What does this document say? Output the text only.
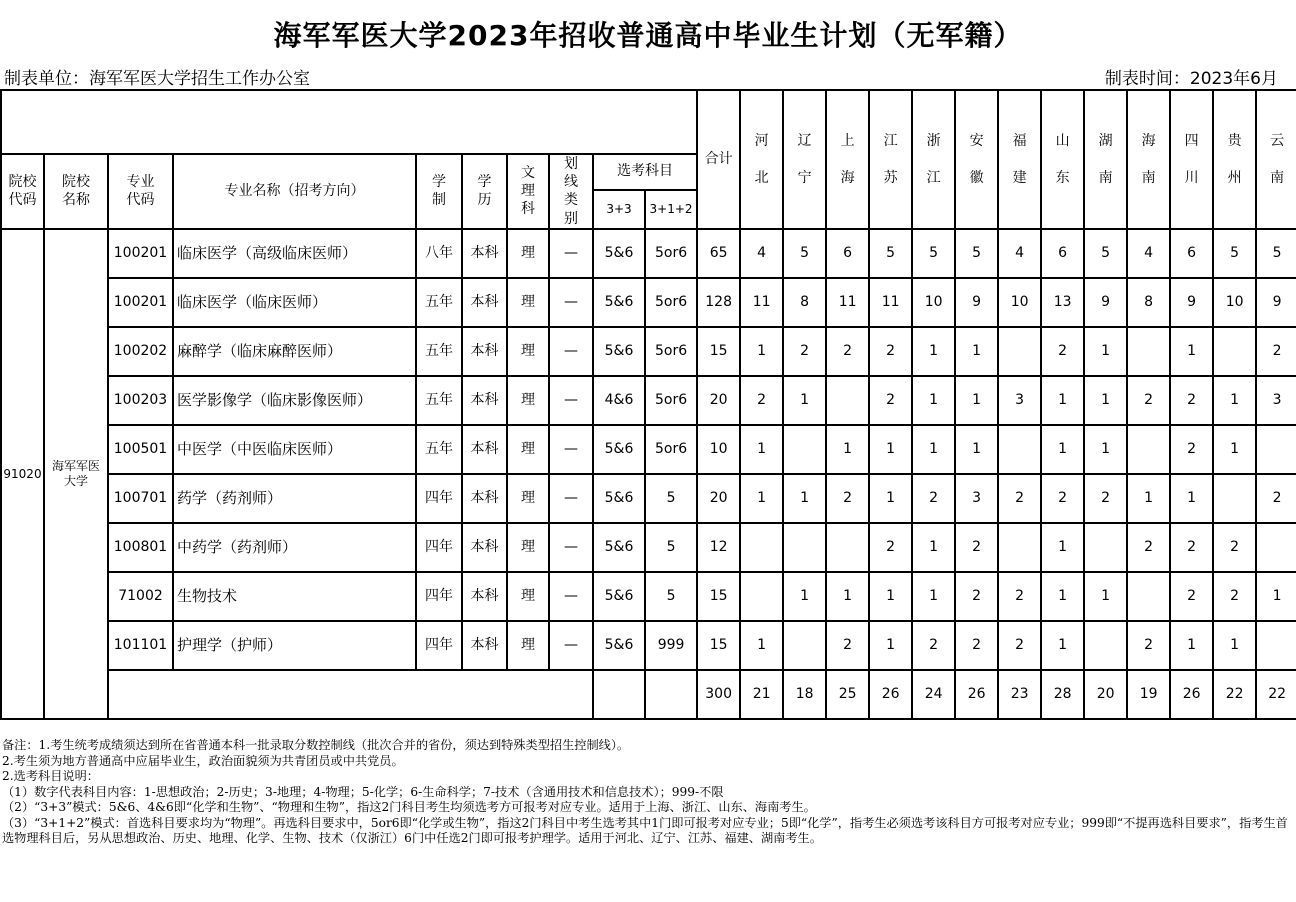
海军军医大学2023年招收普通高中毕业生计划（无军籍）
制表单位：海军军医大学招生工作办公室	制表时间：2023年6月
										合计	河北	辽宁	上海	江苏	浙江	安徽	福建	山东	湖南	海南	四川	贵州	云南
院校代码	院校名称	专业代码	专业名称（招考方向）	学制	学历	文理科	划线类别	选考科目															
								3+3	3+1+2														
91020	海军军医大学	100201	临床医学（高级临床医师）	八年	本科	理	—	5&6	5or6	65	4	5	6	5	5	5	4	6	5	4	6	5	5
		100201	临床医学（临床医师）	五年	本科	理	—	5&6	5or6	128	11	8	11	11	10	9	10	13	9	8	9	10	9
		100202	麻醉学（临床麻醉医师）	五年	本科	理	—	5&6	5or6	15	1	2	2	2	1	1		2	1		1		2
		100203	医学影像学（临床影像医师）	五年	本科	理	—	4&6	5or6	20	2	1		2	1	1	3	1	1	2	2	1	3
		100501	中医学（中医临床医师）	五年	本科	理	—	5&6	5or6	10	1		1	1	1	1		1	1		2	1	
		100701	药学（药剂师）	四年	本科	理	—	5&6	5	20	1	1	2	1	2	3	2	2	2	1	1		2
		100801	中药学（药剂师）	四年	本科	理	—	5&6	5	12				2	1	2		1		2	2	2	
		71002	生物技术	四年	本科	理	—	5&6	5	15		1	1	1	1	2	2	1	1		2	2	1
		101101	护理学（护师）	四年	本科	理	—	5&6	999	15	1		2	1	2	2	2	1		2	1	1	
										300	21	18	25	26	24	26	23	28	20	19	26	22	22
备注：1.考生统考成绩须达到所在省普通本科一批录取分数控制线（批次合并的省份，须达到特殊类型招生控制线）。
2.考生须为地方普通高中应届毕业生，政治面貌须为共青团员或中共党员。
2.选考科目说明：
（1）数字代表科目内容：1-思想政治；2-历史；3-地理；4-物理；5-化学；6-生命科学；7-技术（含通用技术和信息技术）；999-不限
（2）“3+3”模式：5&6、4&6即“化学和生物”、“物理和生物”，指这2门科目考生均须选考方可报考对应专业。适用于上海、浙江、山东、海南考生。
（3）“3+1+2”模式：首选科目要求均为“物理”。再选科目要求中，5or6即“化学或生物”，指这2门科目中考生选考其中1门即可报考对应专业；5即“化学”，指考生必须选考该科目方可报考对应专业；999即“不提再选科目要求”，指考生首选物理科目后，另从思想政治、历史、地理、化学、生物、技术（仅浙江）6门中任选2门即可报考护理学。适用于河北、辽宁、江苏、福建、湖南考生。
